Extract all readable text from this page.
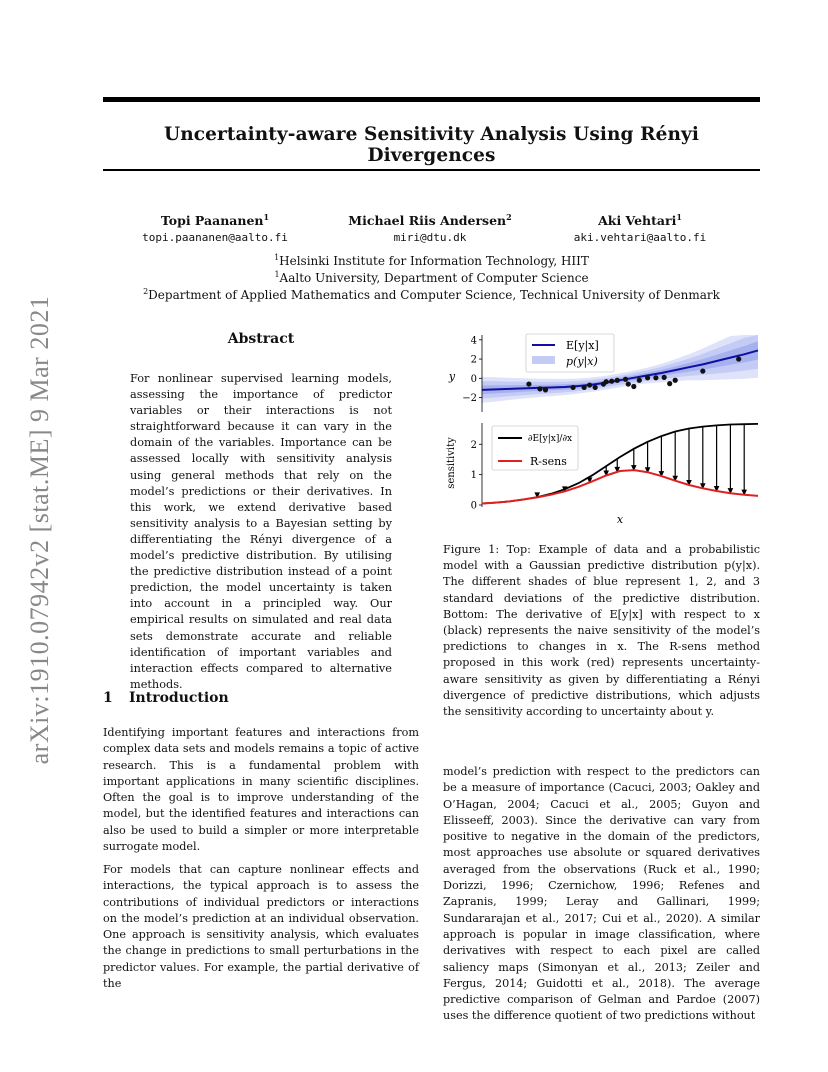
arXiv:1910.07942v2 [stat.ME] 9 Mar 2021
Uncertainty-aware Sensitivity Analysis Using Rényi Divergences
Topi Paananen$^1$
topi.paananen@aalto.fi
Michael Riis Andersen$^2$
miri@dtu.dk
Aki Vehtari$^1$
aki.vehtari@aalto.fi
$^1$Helsinki Institute for Information Technology, HIIT
$^1$Aalto University, Department of Computer Science
$^2$Department of Applied Mathematics and Computer Science, Technical University of Denmark
Abstract
For nonlinear supervised learning models, assessing the importance of predictor variables or their interactions is not straightforward because it can vary in the domain of the variables. Importance can be assessed locally with sensitivity analysis using general methods that rely on the model’s predictions or their derivatives. In this work, we extend derivative based sensitivity analysis to a Bayesian setting by differentiating the Rényi divergence of a model’s predictive distribution. By utilising the predictive distribution instead of a point prediction, the model uncertainty is taken into account in a principled way. Our empirical results on simulated and real data sets demonstrate accurate and reliable identification of important variables and interaction effects compared to alternative methods.
1 Introduction
Identifying important features and interactions from complex data sets and models remains a topic of active research. This is a fundamental problem with important applications in many scientific disciplines. Often the goal is to improve understanding of the model, but the identified features and interactions can also be used to build a simpler or more interpretable surrogate model.
For models that can capture nonlinear effects and interactions, the typical approach is to assess the contributions of individual predictors or interactions on the model’s prediction at an individual observation. One approach is sensitivity analysis, which evaluates the change in predictions to small perturbations in the predictor values. For example, the partial derivative of the
model’s prediction with respect to the predictors can be a measure of importance (Cacuci, 2003; Oakley and O’Hagan, 2004; Cacuci et al., 2005; Guyon and Elisseeff, 2003). Since the derivative can vary from positive to negative in the domain of the predictors, most approaches use absolute or squared derivatives averaged from the observations (Ruck et al., 1990; Dorizzi, 1996; Czernichow, 1996; Refenes and Zapranis, 1999; Leray and Gallinari, 1999; Sundararajan et al., 2017; Cui et al., 2020). A similar approach is popular in image classification, where derivatives with respect to each pixel are called saliency maps (Simonyan et al., 2013; Zeiler and Fergus, 2014; Guidotti et al., 2018). The average predictive comparison of Gelman and Pardoe (2007) uses the difference quotient of two predictions without
4
2
0
−2
y
E[y|x]
p(y|x)
2
1
0
sensitivity
x
∂E[y|x]/∂x
R-sens
Figure 1: Top: Example of data and a probabilistic model with a Gaussian predictive distribution p(y|x). The different shades of blue represent 1, 2, and 3 standard deviations of the predictive distribution. Bottom: The derivative of E[y|x] with respect to x (black) represents the naive sensitivity of the model’s predictions to changes in x. The R-sens method proposed in this work (red) represents uncertainty-aware sensitivity as given by differentiating a Rényi divergence of predictive distributions, which adjusts the sensitivity according to uncertainty about y.
